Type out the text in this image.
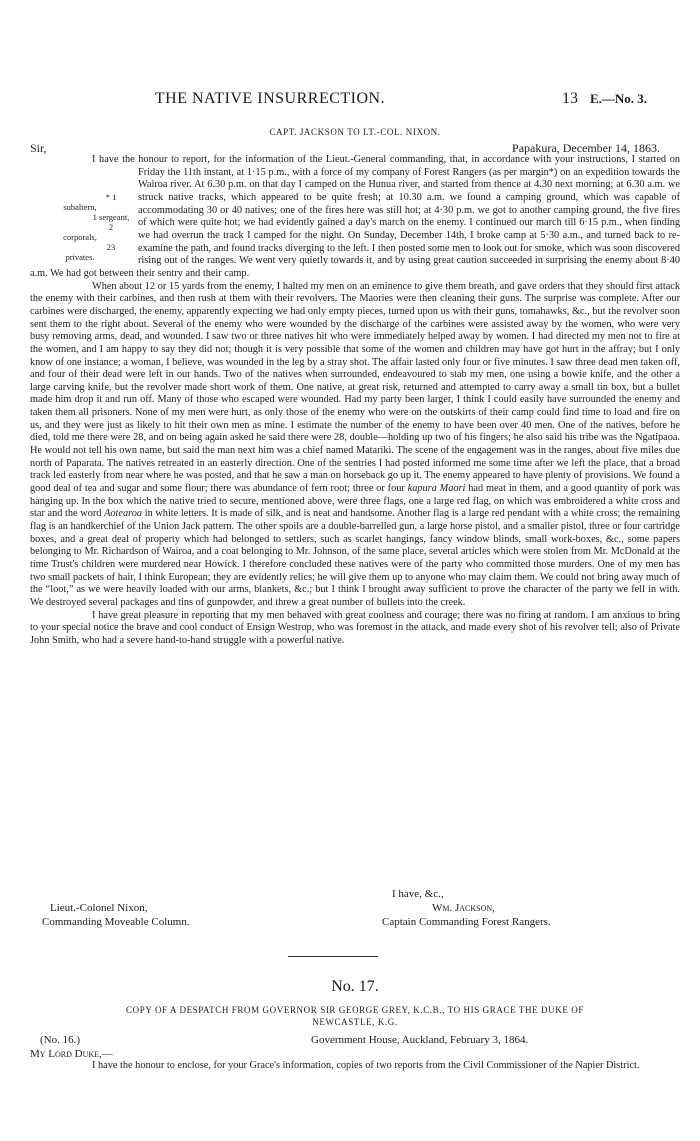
THE NATIVE INSURRECTION.	13 E.—No. 3.
CAPT. JACKSON TO LT.-COL. NIXON.
Sir,	Papakura, December 14, 1863.

I have the honour to report, for the information of the Lieut.-General commanding, that, in accordance with your instructions, I started on Friday the 11th instant, at 1·15 p.m., with a force of
* 1 subaltern,
1 sergeant,
2 corporals,
23 privates.
my company of Forest Rangers (as per margin*) on an expedition towards the Wairoa river. At 6.30 p.m. on that day I camped on the Hunua river, and started from thence at 4.30 next morning; at 6.30 a.m. we struck native tracks, which appeared to be quite fresh; at 10.30 a.m. we found a camping ground, which was capable of accommodating 30 or 40 natives; one of the fires here was still hot; at 4·30 p.m. we got to another camping ground, the five fires of which were quite hot; we had evidently gained a day's march on the enemy. I continued our march till 6·15 p.m., when finding we had overrun the track I camped for the night. On Sunday, December 14th, I broke camp at 5·30 a.m., and turned back to re-examine the path, and found tracks diverging to the left. I then posted some men to look out for smoke, which was soon discovered rising out of the ranges. We went very quietly towards it, and by using great caution succeeded in surprising the enemy about 8·40 a.m. We had got between their sentry and their camp.

When about 12 or 15 yards from the enemy, I halted my men on an eminence to give them breath, and gave orders that they should first attack the enemy with their carbines, and then rush at them with their revolvers. The Maories were then cleaning their guns. The surprise was complete. After our carbines were discharged, the enemy, apparently expecting we had only empty pieces, turned upon us with their guns, tomahawks, &c., but the revolver soon sent them to the right about. Several of the enemy who were wounded by the discharge of the carbines were assisted away by the women, who were very busy removing arms, dead, and wounded. I saw two or three natives hit who were immediately helped away by women. I had directed my men not to fire at the women, and I am happy to say they did not; though it is very possible that some of the women and children may have got hurt in the affray; but I only know of one instance; a woman, I believe, was wounded in the leg by a stray shot. The affair lasted only four or five minutes. I saw three dead men taken off, and four of their dead were left in our hands. Two of the natives when surrounded, endeavoured to stab my men, one using a bowie knife, and the other a large carving knife, but the revolver made short work of them. One native, at great risk, returned and attempted to carry away a small tin box, but a bullet made him drop it and run off. Many of those who escaped were wounded. Had my party been larger, I think I could easily have surrounded the enemy and taken them all prisoners. None of my men were hurt, as only those of the enemy who were on the outskirts of their camp could find time to load and fire on us, and they were just as likely to hit their own men as mine. I estimate the number of the enemy to have been over 40 men. One of the natives, before he died, told me there were 28, and on being again asked he said there were 28, double—holding up two of his fingers; he also said his tribe was the Ngatipaoa. He would not tell his own name, but said the man next him was a chief named Matariki. The scene of the engagement was in the ranges, about five miles due north of Paparata. The natives retreated in an easterly direction. One of the sentries I had posted informed me some time after we left the place, that a broad track led easterly from near where he was posted, and that he saw a man on horseback go up it. The enemy appeared to have plenty of provisions. We found a good deal of tea and sugar and some flour; there was abundance of fern root; three or four kapura Maori had meat in them, and a good quantity of pork was hanging up. In the box which the native tried to secure, mentioned above, were three flags, one a large red flag, on which was embroidered a white cross and star and the word Aotearoa in white letters. It is made of silk, and is neat and handsome. Another flag is a large red pendant with a white cross; the remaining flag is an handkerchief of the Union Jack pattern. The other spoils are a double-barrelled gun, a large horse pistol, and a smaller pistol, three or four cartridge boxes, and a great deal of property which had belonged to settlers, such as scarlet hangings, fancy window blinds, small work-boxes, &c., some papers belonging to Mr. Richardson of Wairoa, and a coat belonging to Mr. Johnson, of the same place, several articles which were stolen from Mr. McDonald at the time Trust's children were murdered near Howick. I therefore concluded these natives were of the party who committed those murders. One of my men has two small packets of hair, I think European; they are evidently relics; he will give them up to anyone who may claim them. We could not bring away much of the “loot,” as we were heavily loaded with our arms, blankets, &c.; but I think I brought away sufficient to prove the character of the party we fell in with. We destroyed several packages and tins of gunpowder, and threw a great number of bullets into the creek.

I have great pleasure in reporting that my men behaved with great coolness and courage; there was no firing at random. I am anxious to bring to your special notice the brave and cool conduct of Ensign Westrop, who was foremost in the attack, and made every shot of his revolver tell; also of Private John Smith, who had a severe hand-to-hand struggle with a powerful native.

I have, &c.,
Lieut.-Colonel Nixon,	Wm. Jackson,
Commanding Moveable Column.	Captain Commanding Forest Rangers.
No. 17.
COPY OF A DESPATCH FROM GOVERNOR SIR GEORGE GREY, K.C.B., TO HIS GRACE THE DUKE OF
NEWCASTLE, K.G.
(No. 16.)	Government House, Auckland, February 3, 1864.
My Lord Duke,—

I have the honour to enclose, for your Grace's information, copies of two reports from the Civil Commissioner of the Napier District.
